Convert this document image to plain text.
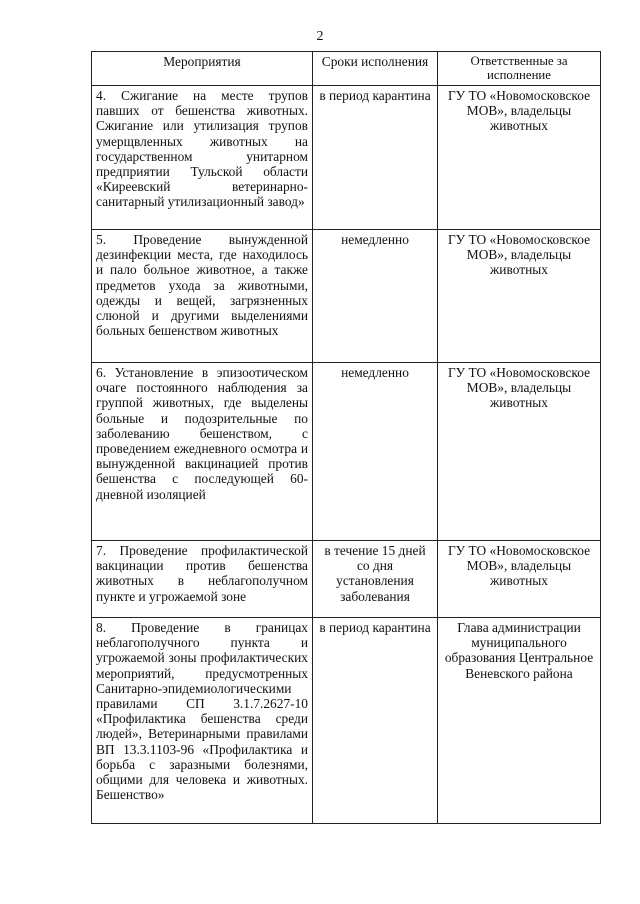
2
Мероприятия	Сроки исполнения	Ответственные за исполнение
4. Сжигание на месте трупов павших от бешенства животных. Сжигание или утилизация трупов умерщвленных животных на государственном унитарном предприятии Тульской области «Киреевский ветеринарно-санитарный утилизационный завод»	в период карантина	ГУ ТО «Новомосковское МОВ», владельцы животных
5. Проведение вынужденной дезинфекции места, где находилось и пало больное животное, а также предметов ухода за животными, одежды и вещей, загрязненных слюной и другими выделениями больных бешенством животных	немедленно	ГУ ТО «Новомосковское МОВ», владельцы животных
6. Установление в эпизоотическом очаге постоянного наблюдения за группой животных, где выделены больные и подозрительные по заболеванию бешенством, с проведением ежедневного осмотра и вынужденной вакцинацией против бешенства с последующей 60-дневной изоляцией	немедленно	ГУ ТО «Новомосковское МОВ», владельцы животных
7. Проведение профилактической вакцинации против бешенства животных в неблагополучном пункте и угрожаемой зоне	в течение 15 дней со дня установления заболевания	ГУ ТО «Новомосковское МОВ», владельцы животных
8. Проведение в границах неблагополучного пункта и угрожаемой зоны профилактических мероприятий, предусмотренных Санитарно-эпидемиологическими правилами СП 3.1.7.2627-10 «Профилактика бешенства среди людей», Ветеринарными правилами ВП 13.3.1103-96 «Профилактика и борьба с заразными болезнями, общими для человека и животных. Бешенство»	в период карантина	Глава администрации муниципального образования Центральное Веневского района
